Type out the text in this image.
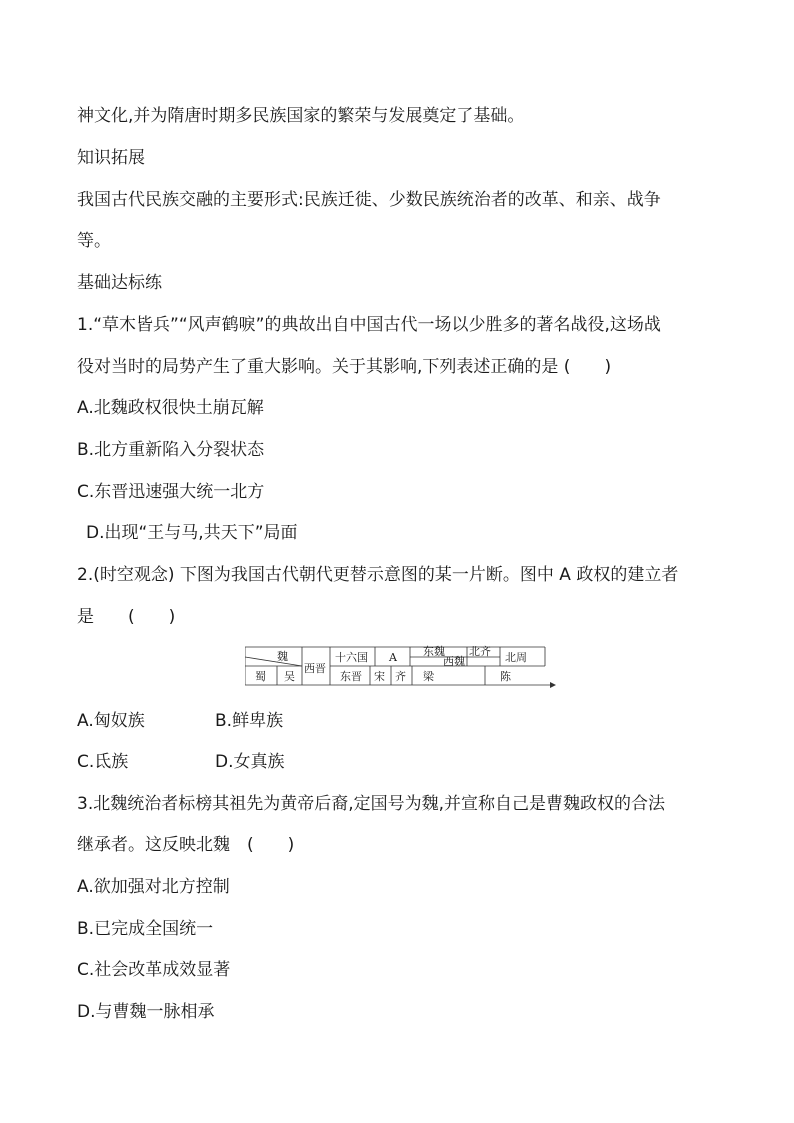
神文化,并为隋唐时期多民族国家的繁荣与发展奠定了基础。
知识拓展
我国古代民族交融的主要形式:民族迁徙、少数民族统治者的改革、和亲、战争
等。
基础达标练
1.“草木皆兵”“风声鹤唳”的典故出自中国古代一场以少胜多的著名战役,这场战
役对当时的局势产生了重大影响。关于其影响,下列表述正确的是 (　　)
A.北魏政权很快土崩瓦解
B.北方重新陷入分裂状态
C.东晋迅速强大统一北方
D.出现“王与马,共天下”局面
2.(时空观念) 下图为我国古代朝代更替示意图的某一片断。图中 A 政权的建立者
是　　(　　)
魏	十六国 A 东魏 北齐
西魏	北周
西晋
蜀 吴	东晋 宋 齐 梁	陈
A.匈奴族	B.鲜卑族
C.氐族	D.女真族
3.北魏统治者标榜其祖先为黄帝后裔,定国号为魏,并宣称自己是曹魏政权的合法
继承者。这反映北魏　(　　)
A.欲加强对北方控制
B.已完成全国统一
C.社会改革成效显著
D.与曹魏一脉相承
